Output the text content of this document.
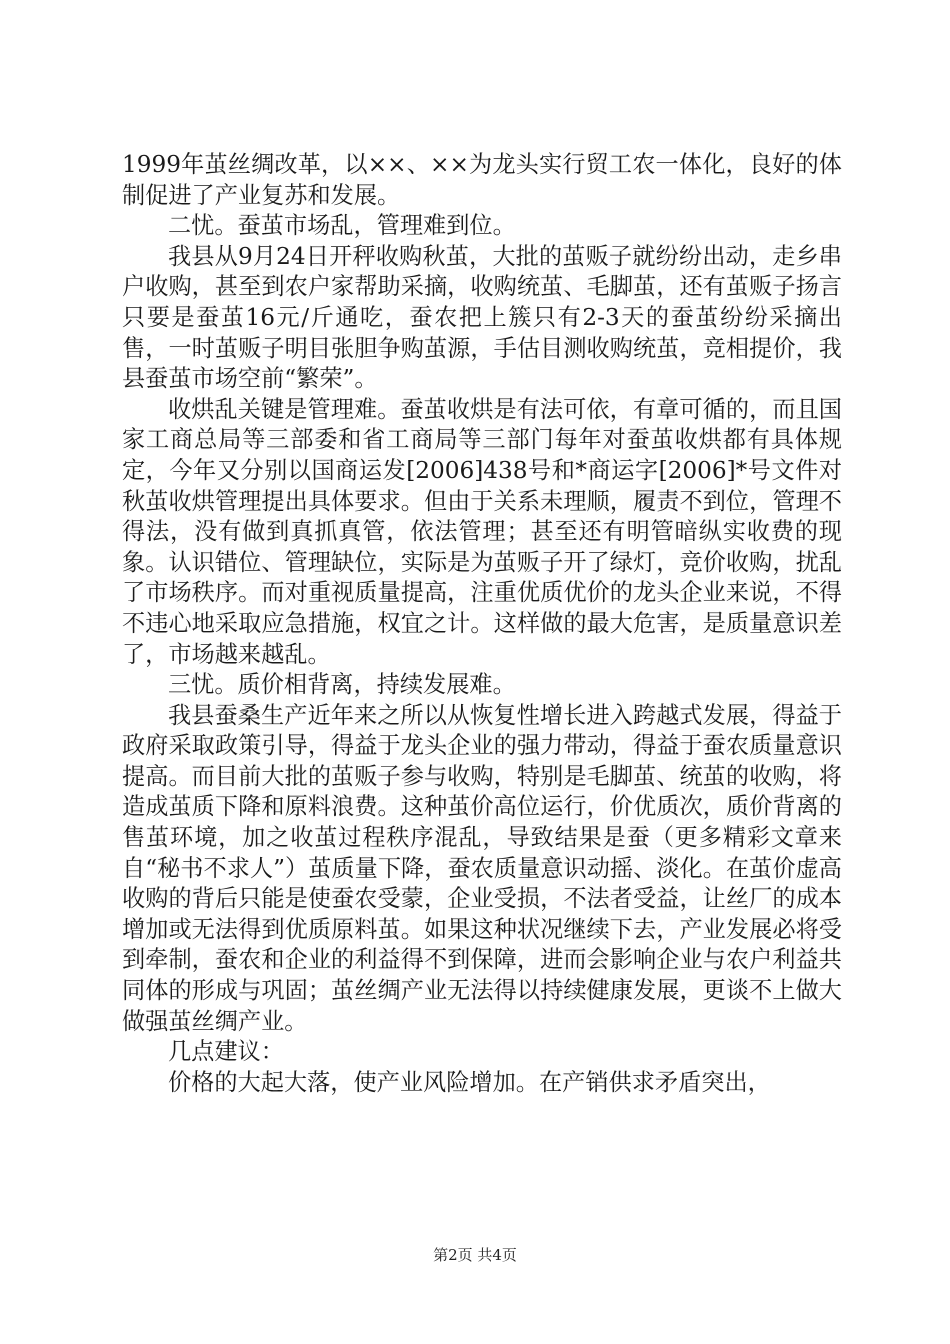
1999年茧丝绸改革，以××、××为龙头实行贸工农一体化，良好的体制促进了产业复苏和发展。

二忧。蚕茧市场乱，管理难到位。

我县从9月24日开秤收购秋茧，大批的茧贩子就纷纷出动，走乡串户收购，甚至到农户家帮助采摘，收购统茧、毛脚茧，还有茧贩子扬言只要是蚕茧16元/斤通吃，蚕农把上簇只有2-3天的蚕茧纷纷采摘出售，一时茧贩子明目张胆争购茧源，手估目测收购统茧，竞相提价，我县蚕茧市场空前“繁荣”。

收烘乱关键是管理难。蚕茧收烘是有法可依，有章可循的，而且国家工商总局等三部委和省工商局等三部门每年对蚕茧收烘都有具体规定，今年又分别以国商运发[2006]438号和*商运字[2006]*号文件对秋茧收烘管理提出具体要求。但由于关系未理顺，履责不到位，管理不得法，没有做到真抓真管，依法管理；甚至还有明管暗纵实收费的现象。认识错位、管理缺位，实际是为茧贩子开了绿灯，竞价收购，扰乱了市场秩序。而对重视质量提高，注重优质优价的龙头企业来说，不得不违心地采取应急措施，权宜之计。这样做的最大危害，是质量意识差了，市场越来越乱。

三忧。质价相背离，持续发展难。

我县蚕桑生产近年来之所以从恢复性增长进入跨越式发展，得益于政府采取政策引导，得益于龙头企业的强力带动，得益于蚕农质量意识提高。而目前大批的茧贩子参与收购，特别是毛脚茧、统茧的收购，将造成茧质下降和原料浪费。这种茧价高位运行，价优质次，质价背离的售茧环境，加之收茧过程秩序混乱，导致结果是蚕（更多精彩文章来自“秘书不求人”）茧质量下降，蚕农质量意识动摇、淡化。在茧价虚高收购的背后只能是使蚕农受蒙，企业受损，不法者受益，让丝厂的成本增加或无法得到优质原料茧。如果这种状况继续下去，产业发展必将受到牵制，蚕农和企业的利益得不到保障，进而会影响企业与农户利益共同体的形成与巩固；茧丝绸产业无法得以持续健康发展，更谈不上做大做强茧丝绸产业。

几点建议：

价格的大起大落，使产业风险增加。在产销供求矛盾突出，

第2页 共4页
